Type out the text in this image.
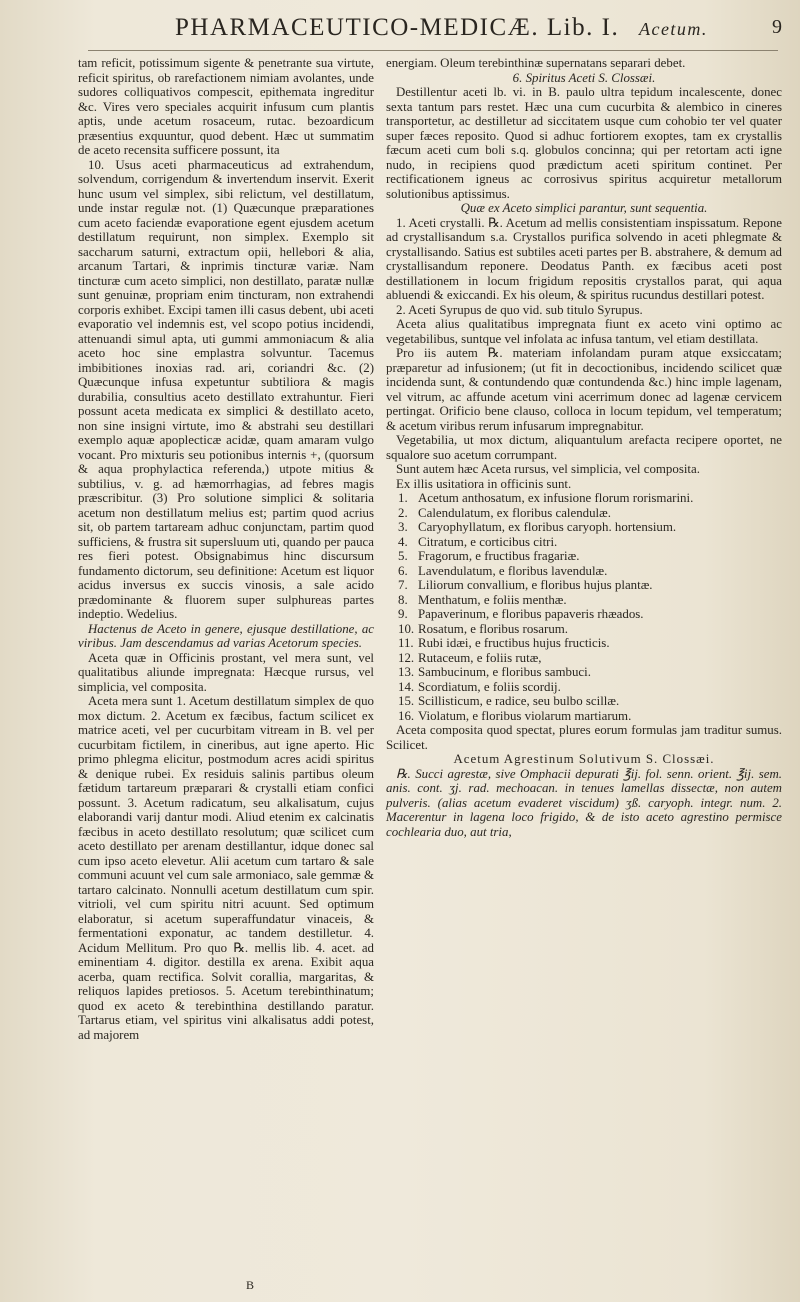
PHARMACEUTICO-MEDICÆ. Lib. I. Acetum.	9

tam reficit, potissimum sigente & penetrante sua virtute, reficit spiritus, ob rarefactionem nimiam avolantes, unde sudores colliquativos compescit, epithemata ingreditur &c. Vires vero speciales acquirit infusum cum plantis aptis, unde acetum rosaceum, rutac. bezoardicum præsentius exquuntur, quod debent. Hæc ut summatim de aceto recensita sufficere possunt, ita

10. Usus aceti pharmaceuticus ad extrahendum, solvendum, corrigendum & invertendum inservit. Exerit hunc usum vel simplex, sibi relictum, vel destillatum, unde instar regulæ not. (1) Quæcunque præparationes cum aceto faciendæ evaporatione egent ejusdem acetum destillatum requirunt, non simplex. Exemplo sit saccharum saturni, extractum opii, hellebori & alia, arcanum Tartari, & inprimis tincturæ variæ. Nam tincturæ cum aceto simplici, non destillato, paratæ nullæ sunt genuinæ, propriam enim tincturam, non extrahendi corporis exhibet. Excipi tamen illi casus debent, ubi aceti evaporatio vel indemnis est, vel scopo potius incidendi, attenuandi simul apta, uti gummi ammoniacum & alia aceto hoc sine emplastra solvuntur. Tacemus imbibitiones inoxias rad. ari, coriandri &c. (2) Quæcunque infusa expetuntur subtiliora & magis durabilia, consultius aceto destillato extrahuntur. Fieri possunt aceta medicata ex simplici & destillato aceto, non sine insigni virtute, imo & abstrahi seu destillari exemplo aquæ apoplecticæ acidæ, quam amaram vulgo vocant. Pro mixturis seu potionibus internis +, (quorsum & aqua prophylactica referenda,) utpote mitius & subtilius, v. g. ad hæmorrhagias, ad febres magis præscribitur. (3) Pro solutione simplici & solitaria acetum non destillatum melius est; partim quod acrius sit, ob partem tartaream adhuc conjunctam, partim quod sufficiens, & frustra sit supersluum uti, quando per pauca res fieri potest. Obsignabimus hinc discursum fundamento dictorum, seu definitione: Acetum est liquor acidus inversus ex succis vinosis, a sale acido prædominante & fluorem super sulphureas partes indeptio. Wedelius.

Hactenus de Aceto in genere, ejusque destillatione, ac viribus. Jam descendamus ad varias Acetorum species.

Aceta quæ in Officinis prostant, vel mera sunt, vel qualitatibus aliunde impregnata: Hæcque rursus, vel simplicia, vel composita.

Aceta mera sunt 1. Acetum destillatum simplex de quo mox dictum. 2. Acetum ex fæcibus, factum scilicet ex matrice aceti, vel per cucurbitam vitream in B. vel per cucurbitam fictilem, in cineribus, aut igne aperto. Hic primo phlegma elicitur, postmodum acres acidi spiritus & denique rubei. Ex residuis salinis partibus oleum fætidum tartareum præparari & crystalli etiam confici possunt. 3. Acetum radicatum, seu alkalisatum, cujus elaborandi varij dantur modi. Aliud etenim ex calcinatis fæcibus in aceto destillato resolutum; quæ scilicet cum aceto destillato per arenam destillantur, idque donec sal cum ipso aceto elevetur. Alii acetum cum tartaro & sale communi acuunt vel cum sale armoniaco, sale gemmæ & tartaro calcinato. Nonnulli acetum destillatum cum spir. vitrioli, vel cum spiritu nitri acuunt. Sed optimum elaboratur, si acetum superaffundatur vinaceis, & fermentationi exponatur, ac tandem destilletur. 4. Acidum Mellitum. Pro quo ℞. mellis lib. 4. acet. ad eminentiam 4. digitor. destilla ex arena. Exibit aqua acerba, quam rectifica. Solvit corallia, margaritas, & reliquos lapides pretiosos. 5. Acetum terebinthinatum; quod ex aceto & terebinthina destillando paratur. Tartarus etiam, vel spiritus vini alkalisatus addi potest, ad majorem

energiam. Oleum terebinthinæ supernatans separari debet.

6. Spiritus Aceti S. Clossæi.

Destillentur aceti lb. vi. in B. paulo ultra tepidum incalescente, donec sexta tantum pars restet. Hæc una cum cucurbita & alembico in cineres transportetur, ac destilletur ad siccitatem usque cum cohobio ter vel quater super fæces reposito. Quod si adhuc fortiorem exoptes, tam ex crystallis fæcum aceti cum boli s.q. globulos concinna; qui per retortam acti igne nudo, in recipiens quod prædictum aceti spiritum continet. Per rectificationem igneus ac corrosivus spiritus acquiretur metallorum solutionibus aptissimus.

Quæ ex Aceto simplici parantur, sunt sequentia.

1. Aceti crystalli. ℞. Acetum ad mellis consistentiam inspissatum. Repone ad crystallisandum s.a. Crystallos purifica solvendo in aceti phlegmate & crystallisando. Satius est subtiles aceti partes per B. abstrahere, & demum ad crystallisandum reponere. Deodatus Panth. ex fæcibus aceti post destillationem in locum frigidum repositis crystallos parat, qui aqua abluendi & exiccandi. Ex his oleum, & spiritus rucundus destillari potest.

2. Aceti Syrupus de quo vid. sub titulo Syrupus.

Aceta alius qualitatibus impregnata fiunt ex aceto vini optimo ac vegetabilibus, suntque vel infolata ac infusa tantum, vel etiam destillata.

Pro iis autem ℞. materiam infolandam puram atque exsiccatam; præparetur ad infusionem; (ut fit in decoctionibus, incidendo scilicet quæ incidenda sunt, & contundendo quæ contundenda &c.) hinc imple lagenam, vel vitrum, ac affunde acetum vini acerrimum donec ad lagenæ cervicem pertingat. Orificio bene clauso, colloca in locum tepidum, vel temperatum; & acetum viribus rerum infusarum impregnabitur.

Vegetabilia, ut mox dictum, aliquantulum arefacta recipere oportet, ne squalore suo acetum corrumpant.

Sunt autem hæc Aceta rursus, vel simplicia, vel composita.

Ex illis usitatiora in officinis sunt.

1. Acetum anthosatum, ex infusione florum rorismarini.
2. Calendulatum, ex floribus calendulæ.
3. Caryophyllatum, ex floribus caryoph. hortensium.
4. Citratum, e corticibus citri.
5. Fragorum, e fructibus fragariæ.
6. Lavendulatum, e floribus lavendulæ.
7. Liliorum convallium, e floribus hujus plantæ.
8. Menthatum, e foliis menthæ.
9. Papaverinum, e floribus papaveris rhæados.
10. Rosatum, e floribus rosarum.
11. Rubi idæi, e fructibus hujus fructicis.
12. Rutaceum, e foliis rutæ,
13. Sambucinum, e floribus sambuci.
14. Scordiatum, e foliis scordij.
15. Scillisticum, e radice, seu bulbo scillæ.
16. Violatum, e floribus violarum martiarum.

Aceta composita quod spectat, plures eorum formulas jam traditur sumus. Scilicet.

Acetum Agrestinum Solutivum S. Clossæi.

℞. Succi agrestæ, sive Omphacii depurati ℥ij. fol. senn. orient. ℥ij. sem. anis. cont. ʒj. rad. mechoacan. in tenues lamellas dissectæ, non autem pulveris. (alias acetum evaderet viscidum) ʒß. caryoph. integr. num. 2. Macerentur in lagena loco frigido, & de isto aceto agrestino permisce cochlearia duo, aut tria,

B
